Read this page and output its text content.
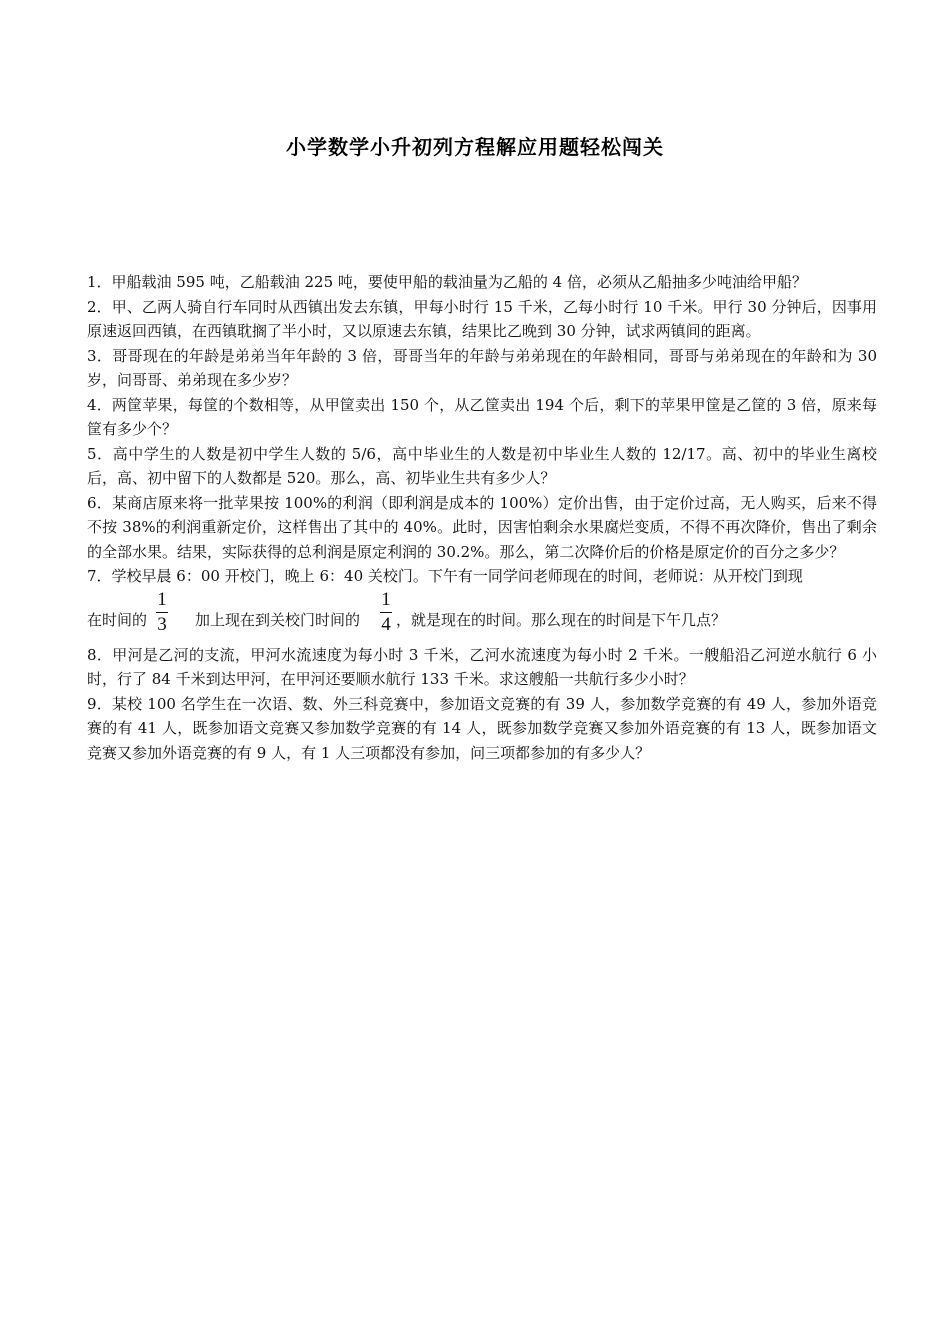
小学数学小升初列方程解应用题轻松闯关

1．甲船载油 595 吨，乙船载油 225 吨，要使甲船的载油量为乙船的 4 倍，必须从乙船抽多少吨油给甲船？

2．甲、乙两人骑自行车同时从西镇出发去东镇，甲每小时行 15 千米，乙每小时行 10 千米。甲行 30 分钟后，因事用原速返回西镇，在西镇耽搁了半小时，又以原速去东镇，结果比乙晚到 30 分钟，试求两镇间的距离。

3．哥哥现在的年龄是弟弟当年年龄的 3 倍，哥哥当年的年龄与弟弟现在的年龄相同，哥哥与弟弟现在的年龄和为 30 岁，问哥哥、弟弟现在多少岁？

4．两筐苹果，每筐的个数相等，从甲筐卖出 150 个，从乙筐卖出 194 个后，剩下的苹果甲筐是乙筐的 3 倍，原来每筐有多少个？

5．高中学生的人数是初中学生人数的 5/6，高中毕业生的人数是初中毕业生人数的 12/17。高、初中的毕业生离校后，高、初中留下的人数都是 520。那么，高、初毕业生共有多少人？

6．某商店原来将一批苹果按 100%的利润（即利润是成本的 100%）定价出售，由于定价过高，无人购买，后来不得不按 38%的利润重新定价，这样售出了其中的 40%。此时，因害怕剩余水果腐烂变质，不得不再次降价，售出了剩余的全部水果。结果，实际获得的总利润是原定利润的 30.2%。那么，第二次降价后的价格是原定价的百分之多少？

7．学校早晨 6：00 开校门，晚上 6：40 关校门。下午有一同学问老师现在的时间，老师说：从开校门到现

在时间的
1
3 加上现在到关校门时间的
1
4 ，就是现在的时间。那么现在的时间是下午几点？

8．甲河是乙河的支流，甲河水流速度为每小时 3 千米，乙河水流速度为每小时 2 千米。一艘船沿乙河逆水航行 6 小时，行了 84 千米到达甲河，在甲河还要顺水航行 133 千米。求这艘船一共航行多少小时？

9．某校 100 名学生在一次语、数、外三科竞赛中，参加语文竞赛的有 39 人，参加数学竞赛的有 49 人，参加外语竞赛的有 41 人，既参加语文竞赛又参加数学竞赛的有 14 人，既参加数学竞赛又参加外语竞赛的有 13 人，既参加语文竞赛又参加外语竞赛的有 9 人，有 1 人三项都没有参加，问三项都参加的有多少人？
